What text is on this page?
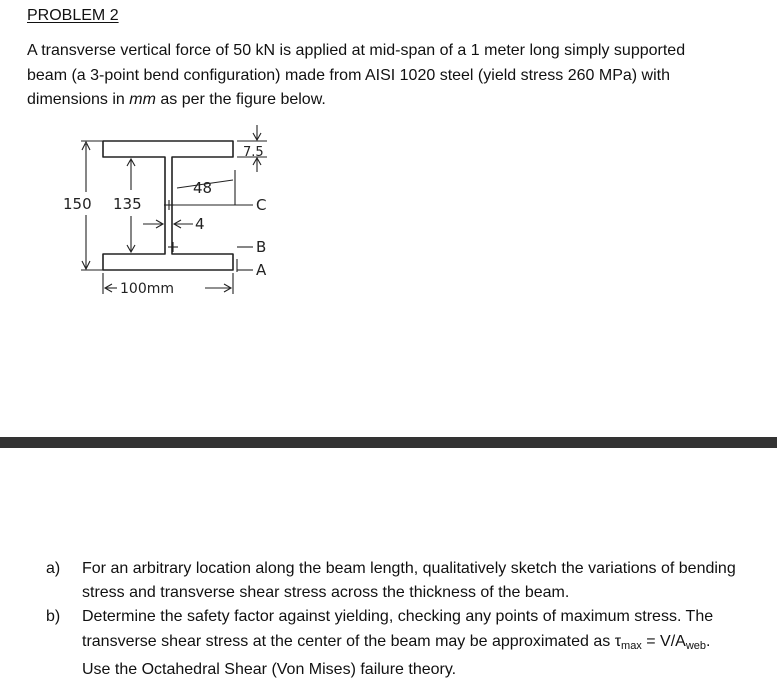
PROBLEM 2
A transverse vertical force of 50 kN is applied at mid-span of a 1 meter long simply supported beam (a 3-point bend configuration) made from AISI 1020 steel (yield stress 260 MPa) with dimensions in mm as per the figure below.
150 135
7.5
48
4
100mm
C
B
A
a)	For an arbitrary location along the beam length, qualitatively sketch the variations of bending stress and transverse shear stress across the thickness of the beam.
b)	Determine the safety factor against yielding, checking any points of maximum stress. The transverse shear stress at the center of the beam may be approximated as $\tau_{max} = V/A_{web}$. Use the Octahedral Shear (Von Mises) failure theory.
